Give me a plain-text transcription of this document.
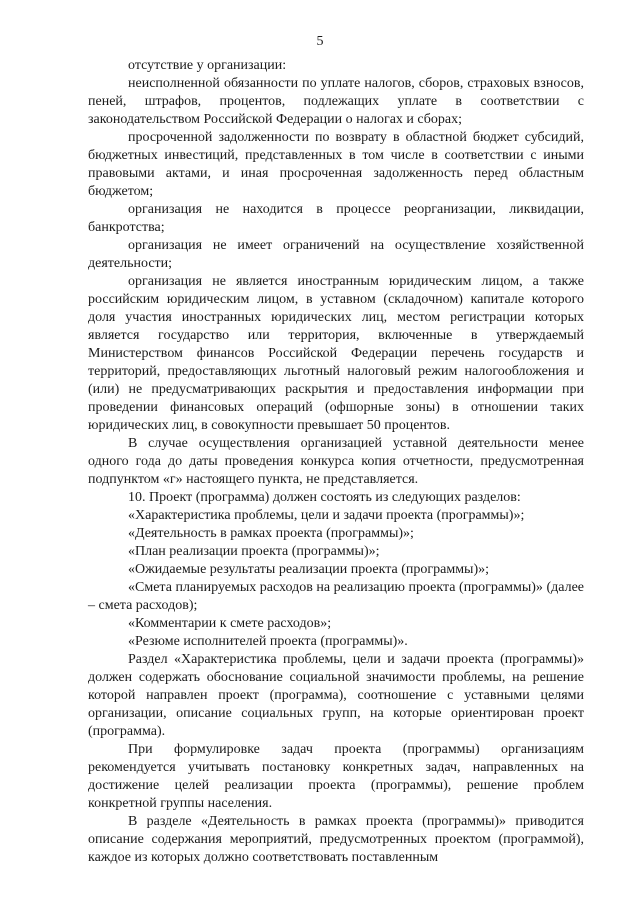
5

отсутствие у организации:

неисполненной обязанности по уплате налогов, сборов, страховых взносов, пеней, штрафов, процентов, подлежащих уплате в соответствии с законодательством Российской Федерации о налогах и сборах;

просроченной задолженности по возврату в областной бюджет субсидий, бюджетных инвестиций, представленных в том числе в соответствии с иными правовыми актами, и иная просроченная задолженность перед областным бюджетом;

организация не находится в процессе реорганизации, ликвидации, банкротства;

организация не имеет ограничений на осуществление хозяйственной деятельности;

организация не является иностранным юридическим лицом, а также российским юридическим лицом, в уставном (складочном) капитале которого доля участия иностранных юридических лиц, местом регистрации которых является государство или территория, включенные в утверждаемый Министерством финансов Российской Федерации перечень государств и территорий, предоставляющих льготный налоговый режим налогообложения и (или) не предусматривающих раскрытия и предоставления информации при проведении финансовых операций (офшорные зоны) в отношении таких юридических лиц, в совокупности превышает 50 процентов.

В случае осуществления организацией уставной деятельности менее одного года до даты проведения конкурса копия отчетности, предусмотренная подпунктом «г» настоящего пункта, не представляется.

10. Проект (программа) должен состоять из следующих разделов:

«Характеристика проблемы, цели и задачи проекта (программы)»;

«Деятельность в рамках проекта (программы)»;

«План реализации проекта (программы)»;

«Ожидаемые результаты реализации проекта (программы)»;

«Смета планируемых расходов на реализацию проекта (программы)» (далее – смета расходов);

«Комментарии к смете расходов»;

«Резюме исполнителей проекта (программы)».

Раздел «Характеристика проблемы, цели и задачи проекта (программы)» должен содержать обоснование социальной значимости проблемы, на решение которой направлен проект (программа), соотношение с уставными целями организации, описание социальных групп, на которые ориентирован проект (программа).

При формулировке задач проекта (программы) организациям рекомендуется учитывать постановку конкретных задач, направленных на достижение целей реализации проекта (программы), решение проблем конкретной группы населения.

В разделе «Деятельность в рамках проекта (программы)» приводится описание содержания мероприятий, предусмотренных проектом (программой), каждое из которых должно соответствовать поставленным
